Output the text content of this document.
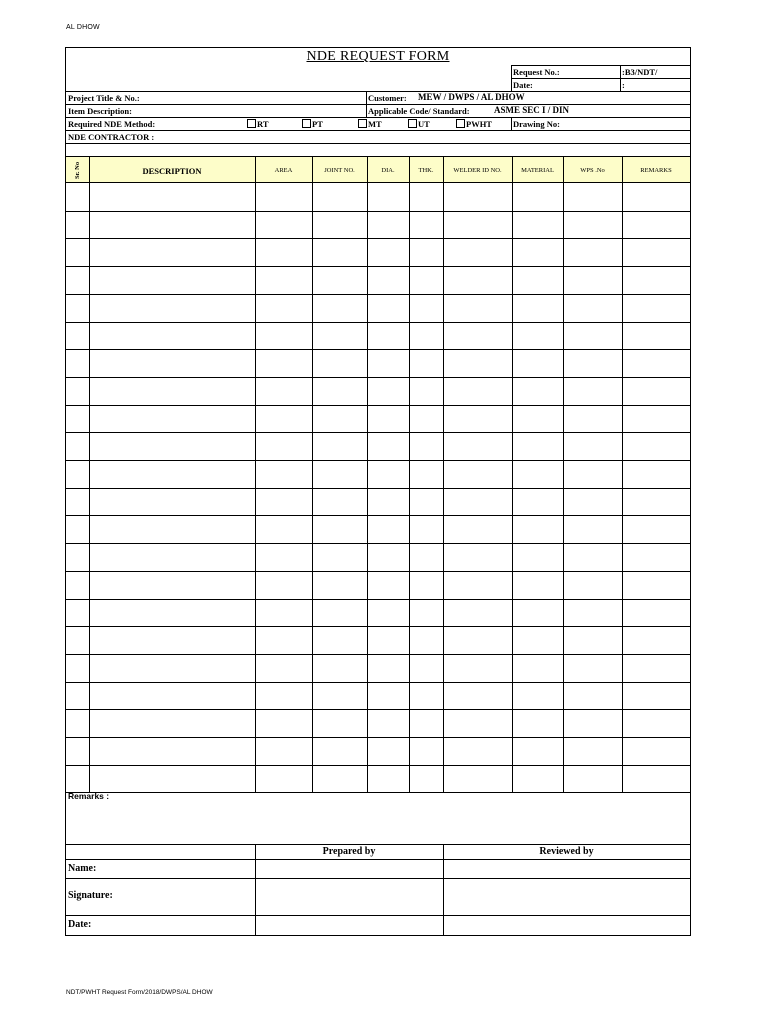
AL DHOW
NDE REQUEST FORM
Request No.:	:B3/NDT/
Date:	:
Project Title & No.:	Customer: MEW / DWPS / AL DHOW
Item Description:	Applicable Code/ Standard:	ASME SEC I / DIN
Required NDE Method:	RT	PT	MT	UT	PWHT Drawing No:
NDE CONTRACTOR :
Sr. No	DESCRIPTION	AREA	JOINT NO.	DIA.	THK.	WELDER ID NO.	MATERIAL	WPS .No	REMARKS
Remarks :
Prepared by	Reviewed by
Name:
Signature:
Date:
NDT/PWHT Request Form/2018/DWPS/AL DHOW
